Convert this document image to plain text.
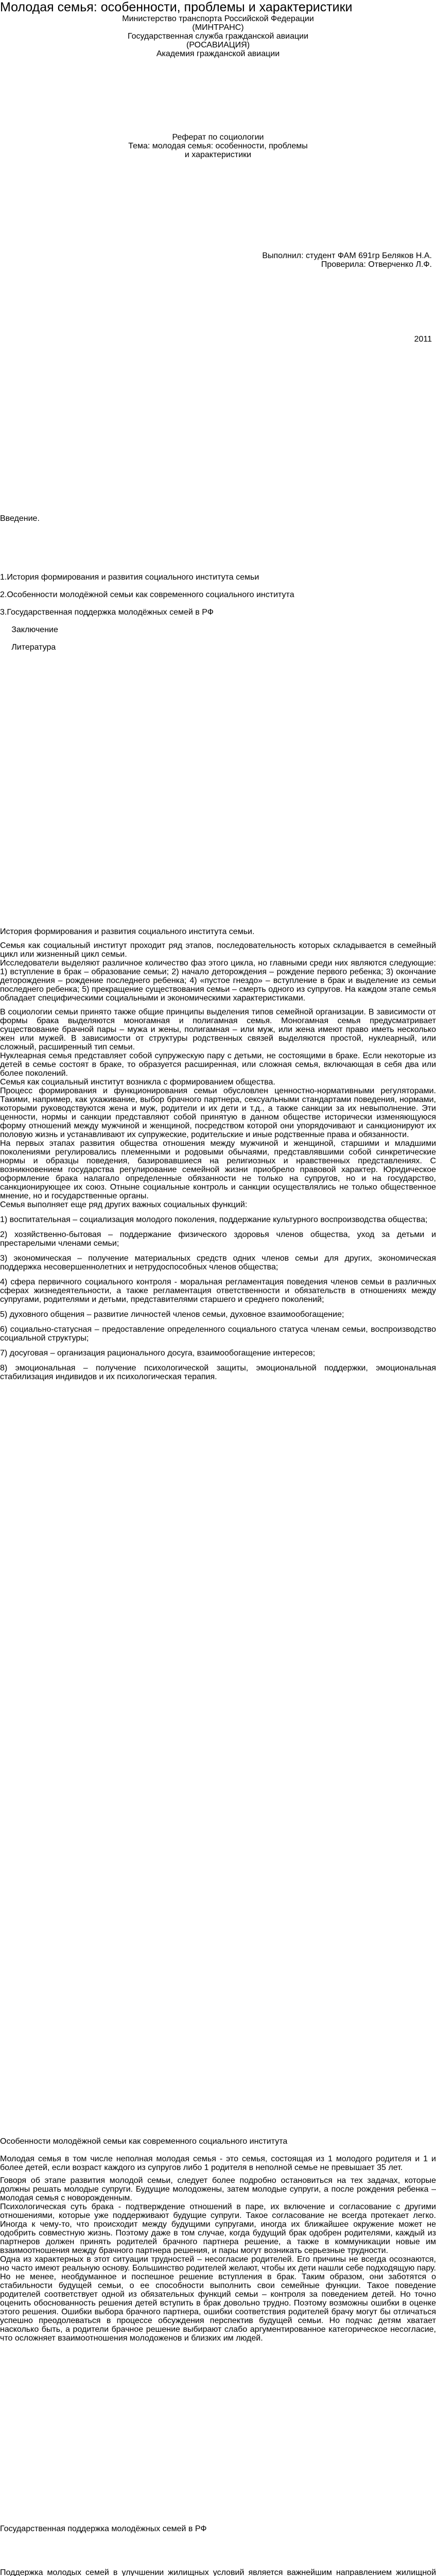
Молодая семья: особенности, проблемы и характеристики
Министерство транспорта Российской Федерации
(МИНТРАНС)
Государственная служба гражданской авиации
(РОСАВИАЦИЯ)
Академия гражданской авиации
Реферат по социологии
Тема: молодая семья: особенности, проблемы
и характеристики
Выполнил: студент ФАМ 691гр Беляков Н.А.
Проверила: Отверченко Л.Ф.
2011
Введение.
1.История формирования и развития социального института семьи
2.Особенности молодёжной семьи как современного социального института
3.Государственная поддержка молодёжных семей в РФ
Заключение
Литература
История формирования и развития социального института семьи.

Семья как социальный институт проходит ряд этапов, последовательность которых складывается в семейный цикл или жизненный цикл семьи.

Исследователи выделяют различное количество фаз этого цикла, но главными среди них являются следующие: 1) вступление в брак – образование семьи; 2) начало деторождения – рождение первого ребенка; 3) окончание деторождения – рождение последнего ребенка; 4) «пустое гнездо» – вступление в брак и выделение из семьи последнего ребенка; 5) прекращение существования семьи – смерть одного из супругов. На каждом этапе семья обладает специфическими социальными и экономическими характеристиками.

В социологии семьи принято также общие принципы выделения типов семейной организации. В зависимости от формы брака выделяются моногамная и полигамная семья. Моногамная семья предусматривает существование брачной пары – мужа и жены, полигамная – или муж, или жена имеют право иметь несколько жен или мужей. В зависимости от структуры родственных связей выделяются простой, нуклеарный, или сложный, расширенный тип семьи.

Нуклеарная семья представляет собой супружескую пару с детьми, не состоящими в браке. Если некоторые из детей в семье состоят в браке, то образуется расширенная, или сложная семья, включающая в себя два или более поколений.

Семья как социальный институт возникла с формированием общества.

Процесс формирования и функционирования семьи обусловлен ценностно-нормативными регуляторами. Такими, например, как ухаживание, выбор брачного партнера, сексуальными стандартами поведения, нормами, которыми руководствуются жена и муж, родители и их дети и т.д., а также санкции за их невыполнение. Эти ценности, нормы и санкции представляют собой принятую в данном обществе исторически изменяющуюся форму отношений между мужчиной и женщиной, посредством которой они упорядочивают и санкционируют их половую жизнь и устанавливают их супружеские, родительские и иные родственные права и обязанности.

На первых этапах развития общества отношения между мужчиной и женщиной, старшими и младшими поколениями регулировались племенными и родовыми обычаями, представлявшими собой синкретические нормы и образцы поведения, базировавшиеся на религиозных и нравственных представлениях. С возникновением государства регулирование семейной жизни приобрело правовой характер. Юридическое оформление брака налагало определенные обязанности не только на супругов, но и на государство, санкционирующее их союз. Отныне социальные контроль и санкции осуществлялись не только общественное мнение, но и государственные органы.

Семья выполняет еще ряд других важных социальных функций:

1) воспитательная – социализация молодого поколения, поддержание культурного воспроизводства общества;

2) хозяйственно-бытовая – поддержание физического здоровья членов общества, уход за детьми и престарелыми членами семьи;

3) экономическая – получение материальных средств одних членов семьи для других, экономическая поддержка несовершеннолетних и нетрудоспособных членов общества;

4) сфера первичного социального контроля - моральная регламентация поведения членов семьи в различных сферах жизнедеятельности, а также регламентация ответственности и обязательств в отношениях между супругами, родителями и детьми, представителями старшего и среднего поколений;

5) духовного общения – развитие личностей членов семьи, духовное взаимообогащение;

6) социально-статусная – предоставление определенного социального статуса членам семьи, воспроизводство социальной структуры;

7) досуговая – организация рационального досуга, взаимообогащение интересов;

8) эмоциональная – получение психологической защиты, эмоциональной поддержки, эмоциональная стабилизация индивидов и их психологическая терапия.

Особенности молодёжной семьи как современного социального института

Молодая семья в том числе неполная молодая семья - это семья, состоящая из 1 молодого родителя и 1 и более детей, если возраст каждого из супругов либо 1 родителя в неполной семье не превышает 35 лет.

Говоря об этапе развития молодой семьи, следует более подробно остановиться на тех задачах, которые должны решать молодые супруги. Будущие молодожены, затем молодые супруги, а после рождения ребенка – молодая семья с новорожденным.

Психологическая суть брака - подтверждение отношений в паре, их включение и согласование с другими отношениями, которые уже поддерживают будущие супруги. Такое согласование не всегда протекает легко. Иногда к чему-то, что происходит между будущими супругами, иногда их ближайшее окружение может не одобрить совместную жизнь. Поэтому даже в том случае, когда будущий брак одобрен родителями, каждый из партнеров должен принять родителей брачного партнера решение, а также в коммуникации новые им взаимоотношения между брачного партнера решения, и пары могут возникать серьезные трудности.

Одна из характерных в этот ситуации трудностей – несогласие родителей. Его причины не всегда осознаются, но часто имеют реальную основу. Большинство родителей желают, чтобы их дети нашли себе подходящую пару. Но не менее, необдуманное и поспешное решение вступления в брак. Таким образом, они заботятся о стабильности будущей семьи, о ее способности выполнить свои семейные функции. Такое поведение родителей соответствует одной из обязательных функций семьи – контроля за поведением детей. Но точно оценить обоснованность решения детей вступить в брак довольно трудно. Поэтому возможны ошибки в оценке этого решения. Ошибки выбора брачного партнера, ошибки соответствия родителей брачу могут бы отличаться успешно преодолеваться в процессе обсуждения перспектив будущей семьи. Но подчас детям хватает насколько быть, а родители брачное решение выбирают слабо аргументированное категорическое несогласие, что осложняет взаимоотношения молодоженов и близких им людей.

Государственная поддержка молодёжных семей в РФ

Поддержка молодых семей в улучшении жилищных условий является важнейшим направлением жилищной
